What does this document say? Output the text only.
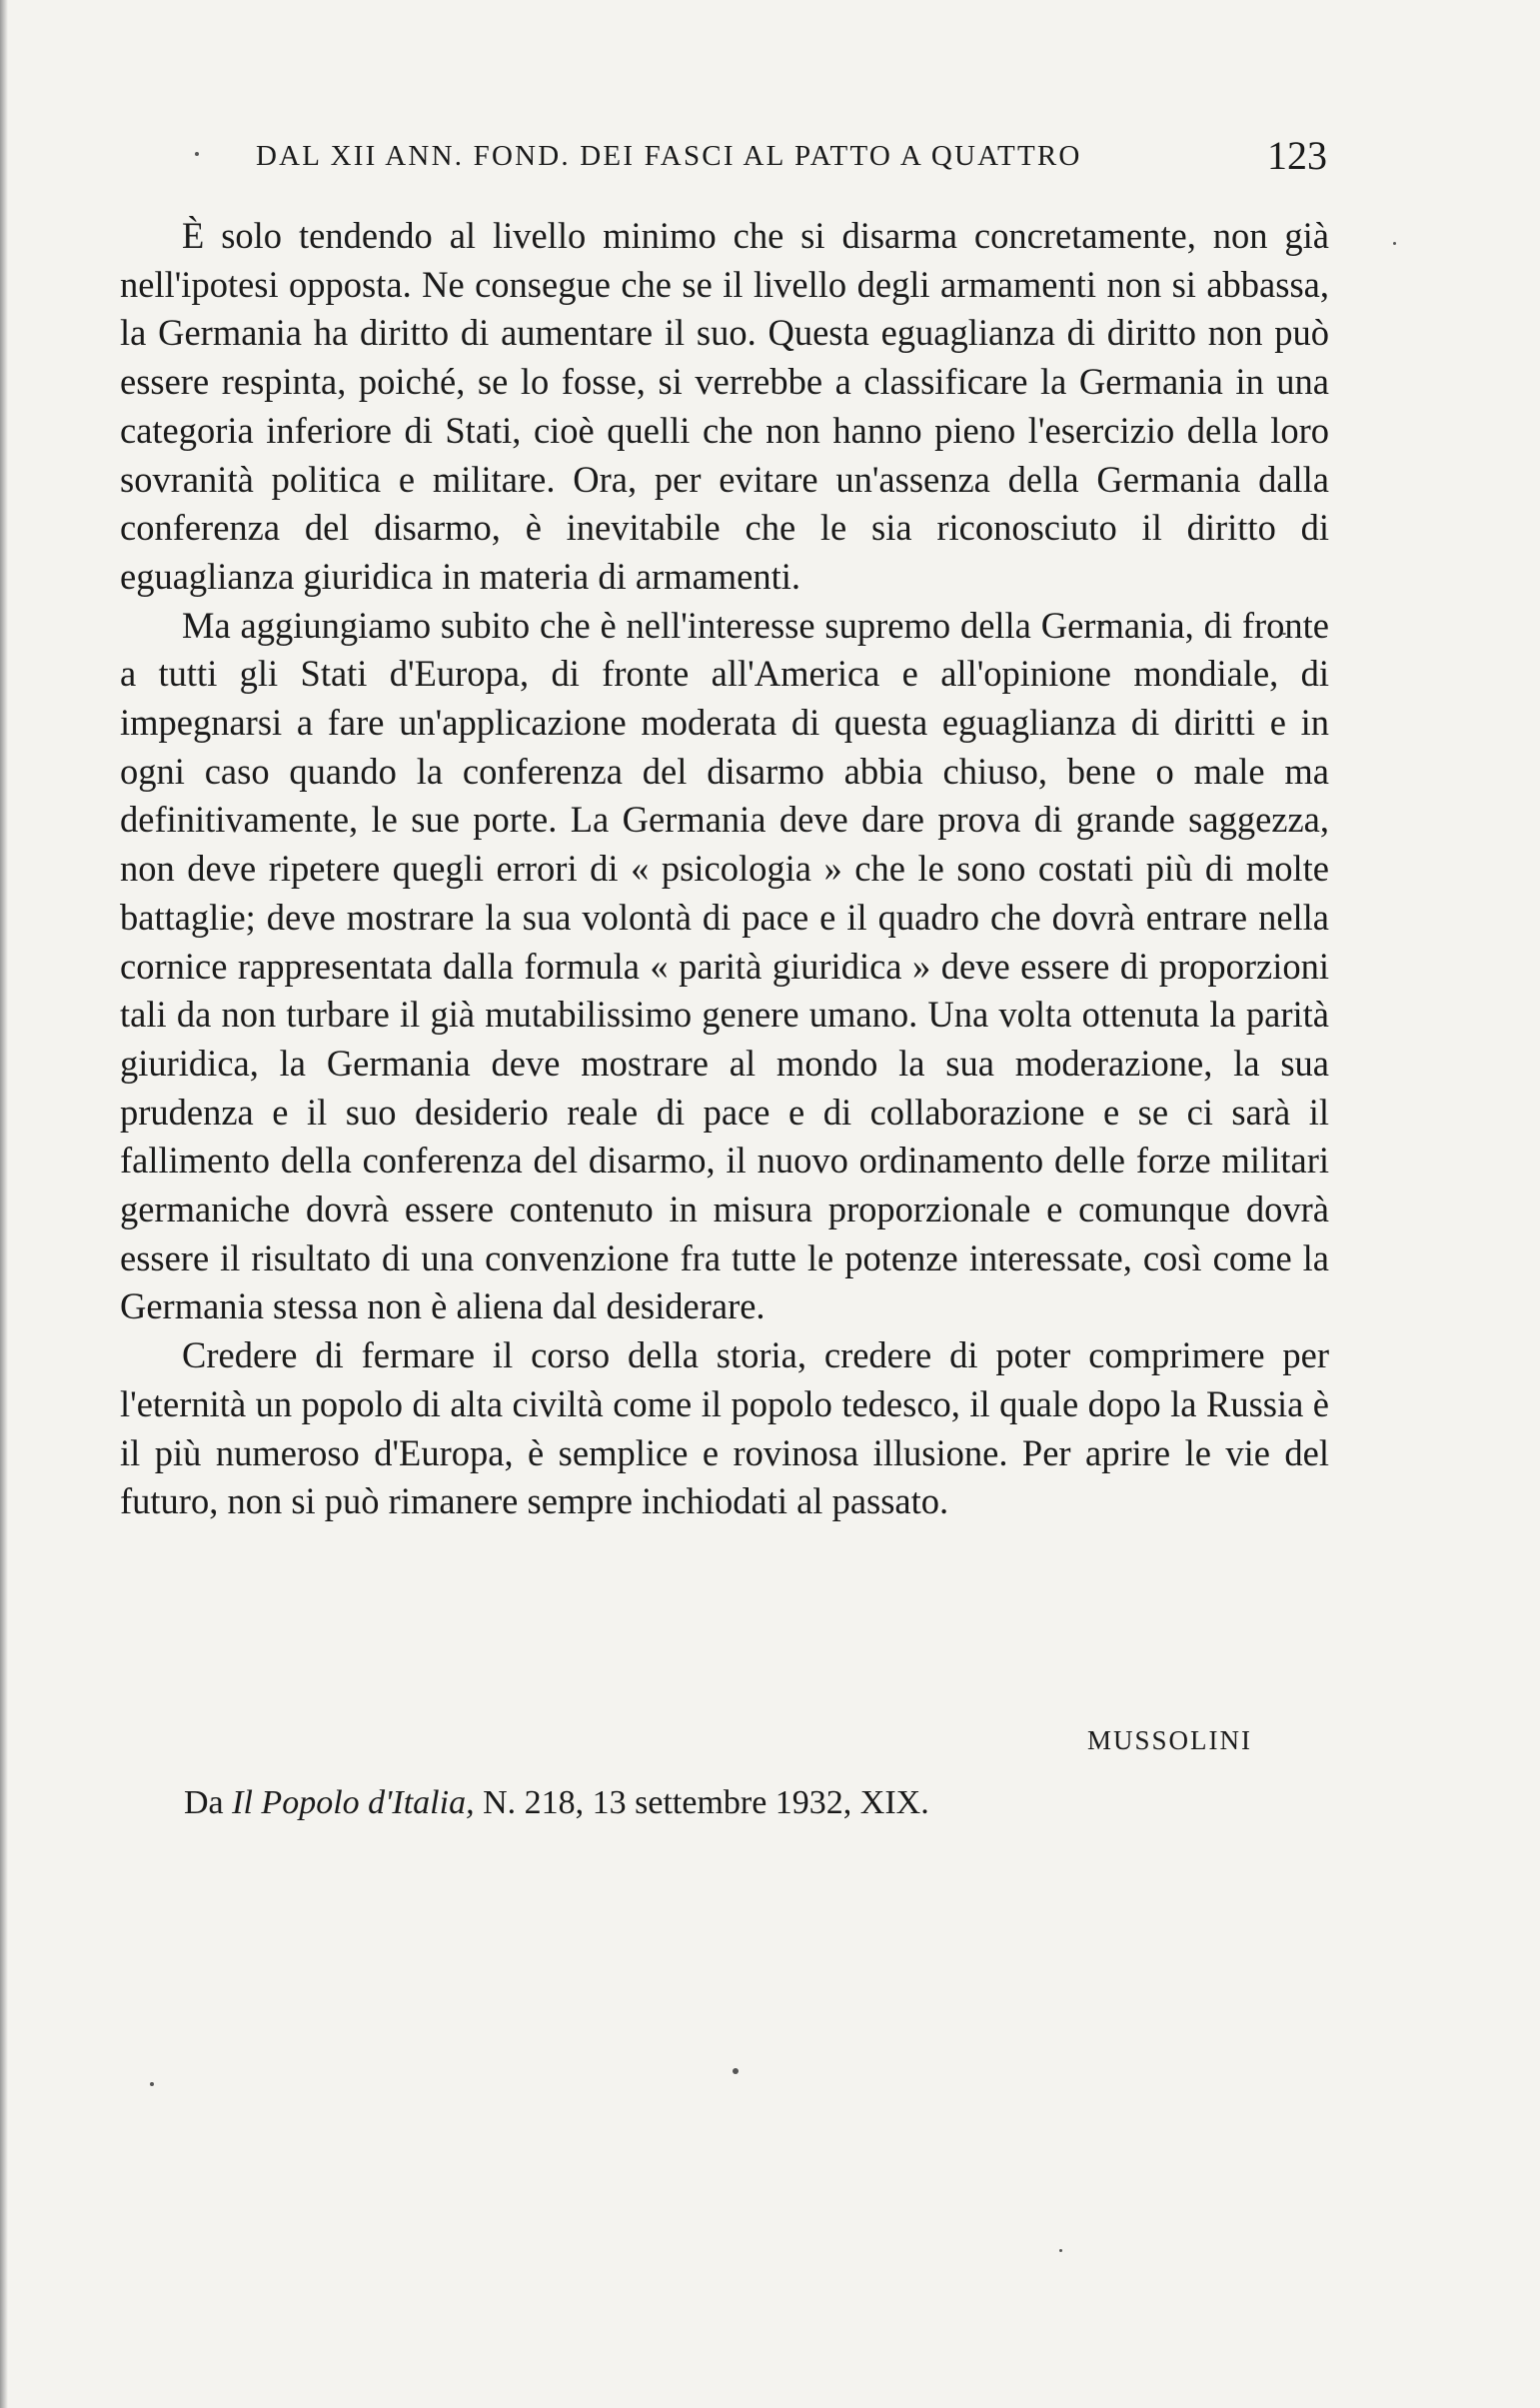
DAL XII ANN. FOND. DEI FASCI AL PATTO A QUATTRO	123

È solo tendendo al livello minimo che si disarma concretamente, non già nell'ipotesi opposta. Ne consegue che se il livello degli armamenti non si abbassa, la Germania ha diritto di aumentare il suo. Questa eguaglianza di diritto non può essere respinta, poiché, se lo fosse, si verrebbe a classificare la Germania in una categoria inferiore di Stati, cioè quelli che non hanno pieno l'esercizio della loro sovranità politica e militare. Ora, per evitare un'assenza della Germania dalla conferenza del disarmo, è inevitabile che le sia riconosciuto il diritto di eguaglianza giuridica in materia di armamenti.

Ma aggiungiamo subito che è nell'interesse supremo della Germania, di fronte a tutti gli Stati d'Europa, di fronte all'America e all'opinione mondiale, di impegnarsi a fare un'applicazione moderata di questa eguaglianza di diritti e in ogni caso quando la conferenza del disarmo abbia chiuso, bene o male ma definitivamente, le sue porte. La Germania deve dare prova di grande saggezza, non deve ripetere quegli errori di « psicologia » che le sono costati più di molte battaglie; deve mostrare la sua volontà di pace e il quadro che dovrà entrare nella cornice rappresentata dalla formula « parità giuridica » deve essere di proporzioni tali da non turbare il già mutabilissimo genere umano. Una volta ottenuta la parità giuridica, la Germania deve mostrare al mondo la sua moderazione, la sua prudenza e il suo desiderio reale di pace e di collaborazione e se ci sarà il fallimento della conferenza del disarmo, il nuovo ordinamento delle forze militari germaniche dovrà essere contenuto in misura proporzionale e comunque dovrà essere il risultato di una convenzione fra tutte le potenze interessate, così come la Germania stessa non è aliena dal desiderare.

Credere di fermare il corso della storia, credere di poter comprimere per l'eternità un popolo di alta civiltà come il popolo tedesco, il quale dopo la Russia è il più numeroso d'Europa, è semplice e rovinosa illusione. Per aprire le vie del futuro, non si può rimanere sempre inchiodati al passato.

MUSSOLINI
Da Il Popolo d'Italia, N. 218, 13 settembre 1932, XIX.
